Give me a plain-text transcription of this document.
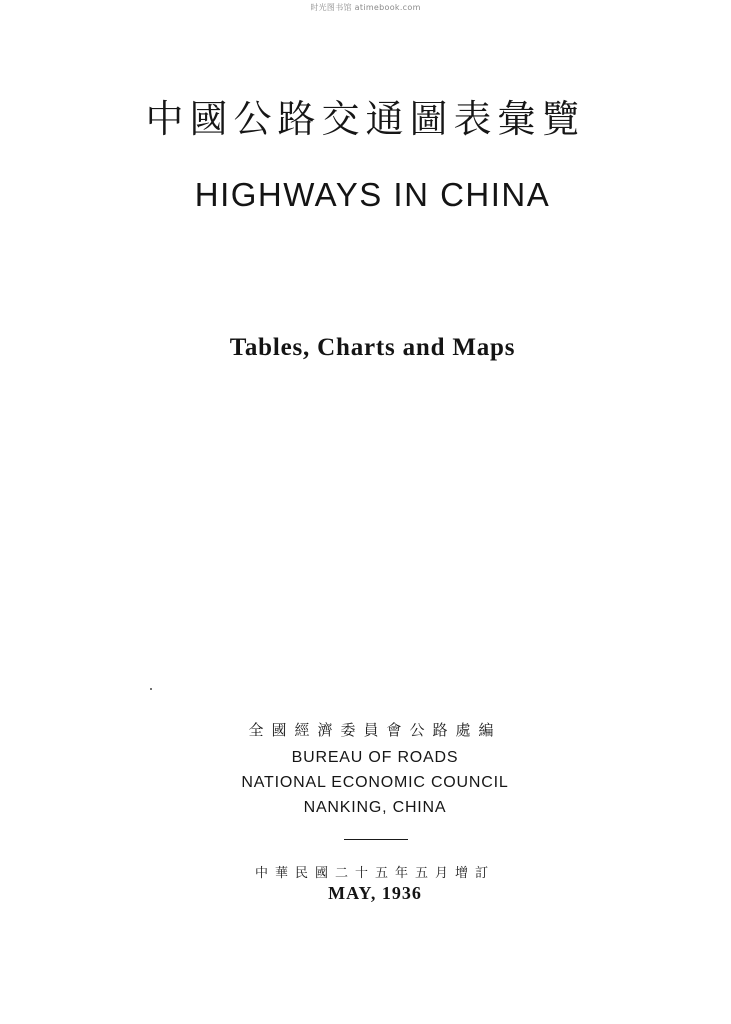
时光图书馆 atimebook.com
中國公路交通圖表彙覽
HIGHWAYS IN CHINA
Tables, Charts and Maps
全國經濟委員會公路處編
BUREAU OF ROADS
NATIONAL ECONOMIC COUNCIL
NANKING, CHINA
中華民國二十五年五月增訂
MAY, 1936
